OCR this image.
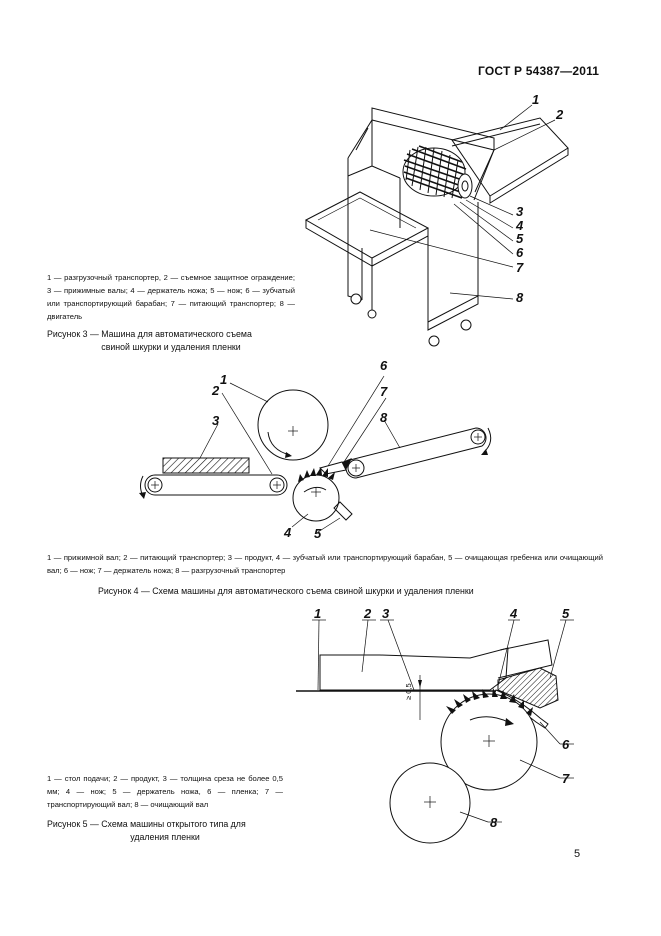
ГОСТ Р 54387—2011
1
2
3
4
5
6
7
8
1 — разгрузочный транспортер, 2 — съемное защитное ограждение; 3 — прижимные валы; 4 — держатель ножа; 5 — нож; 6 — зубчатый или транспортирующий барабан; 7 — питающий транспортер; 8 — двигатель
Рисунок 3 — Машина для автоматического съема
свиной шкурки и удаления пленки
1
2
3
6
7
8
4 5
1 — прижимной вал; 2 — питающий транспортер; 3 — продукт, 4 — зубчатый или транспортирующий барабан, 5 — очищающая гребенка или очищающий вал; 6 — нож; 7 — держатель ножа; 8 — разгрузочный транспортер
Рисунок 4 — Схема машины для автоматического съема свиной шкурки и удаления пленки
1	2 3	4	5
6
7
8
≥ 0,5
1 — стол подачи; 2 — продукт, 3 — толщина среза не более 0,5 мм; 4 — нож; 5 — держатель ножа, 6 — пленка; 7 — транспортирующий вал; 8 — очищающий вал
Рисунок 5 — Схема машины открытого типа для
удаления пленки
5
